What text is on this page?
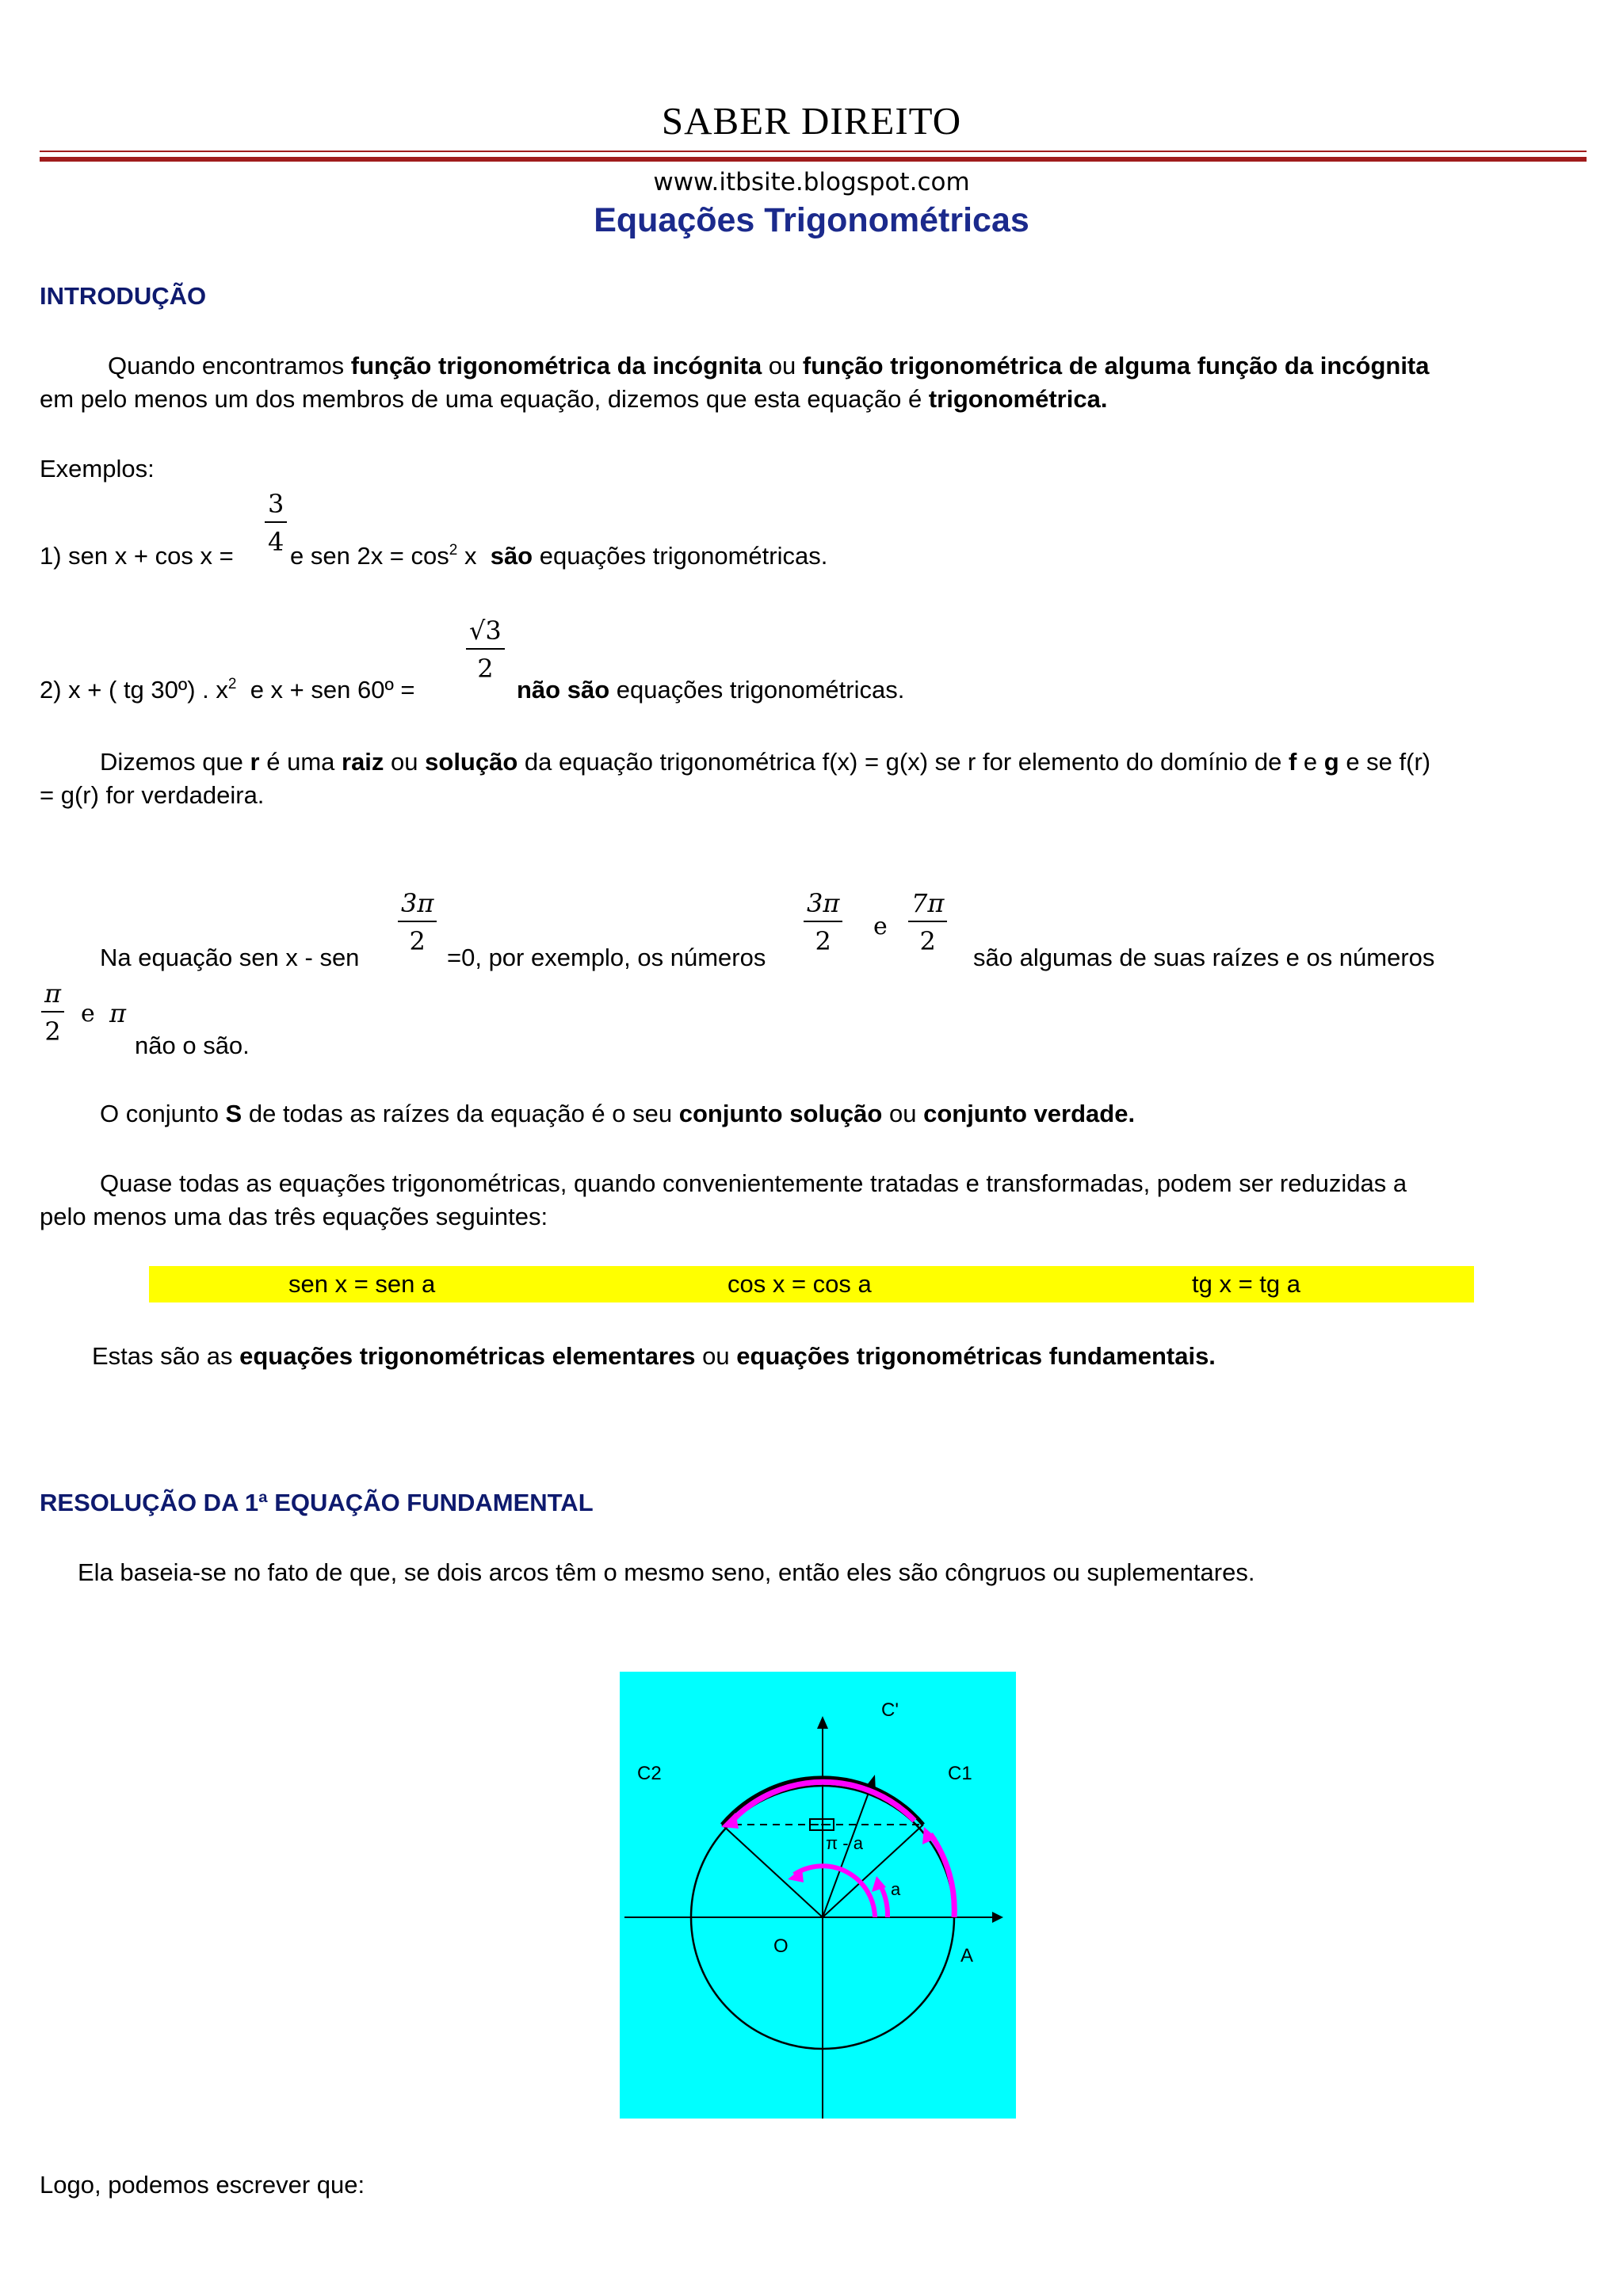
SABER DIREITO
www.itbsite.blogspot.com
Equações Trigonométricas
INTRODUÇÃO
Quando encontramos função trigonométrica da incógnita ou função trigonométrica de alguma função da incógnita
em pelo menos um dos membros de uma equação, dizemos que esta equação é trigonométrica.
Exemplos:
1) sen x + cos x =
3
4 e sen $2x = \cos^2 x$  são equações trigonométricas.
2) x + ( tg 30º) . $x^2$  e x + sen 60º =
√3
2
não são equações trigonométricas.
Dizemos que r é uma raiz ou solução da equação trigonométrica f(x) = g(x) se r for elemento do domínio de f e g e se f(r)
= g(r) for verdadeira.
Na equação sen x - sen
3π
2
=0, por exemplo, os números
3π
2	e
7π
2
são algumas de suas raízes e os números
π
2
e π
não o são.
O conjunto S de todas as raízes da equação é o seu conjunto solução ou conjunto verdade.
Quase todas as equações trigonométricas, quando convenientemente tratadas e transformadas, podem ser reduzidas a
pelo menos uma das três equações seguintes:
sen x = sen a	cos x = cos a	tg x = tg a
Estas são as equações trigonométricas elementares ou equações trigonométricas fundamentais.
RESOLUÇÃO DA 1ª EQUAÇÃO FUNDAMENTAL
Ela baseia-se no fato de que, se dois arcos têm o mesmo seno, então eles são côngruos ou suplementares.
C'
C1
C2
π - a
a
O	A
Logo, podemos escrever que:
